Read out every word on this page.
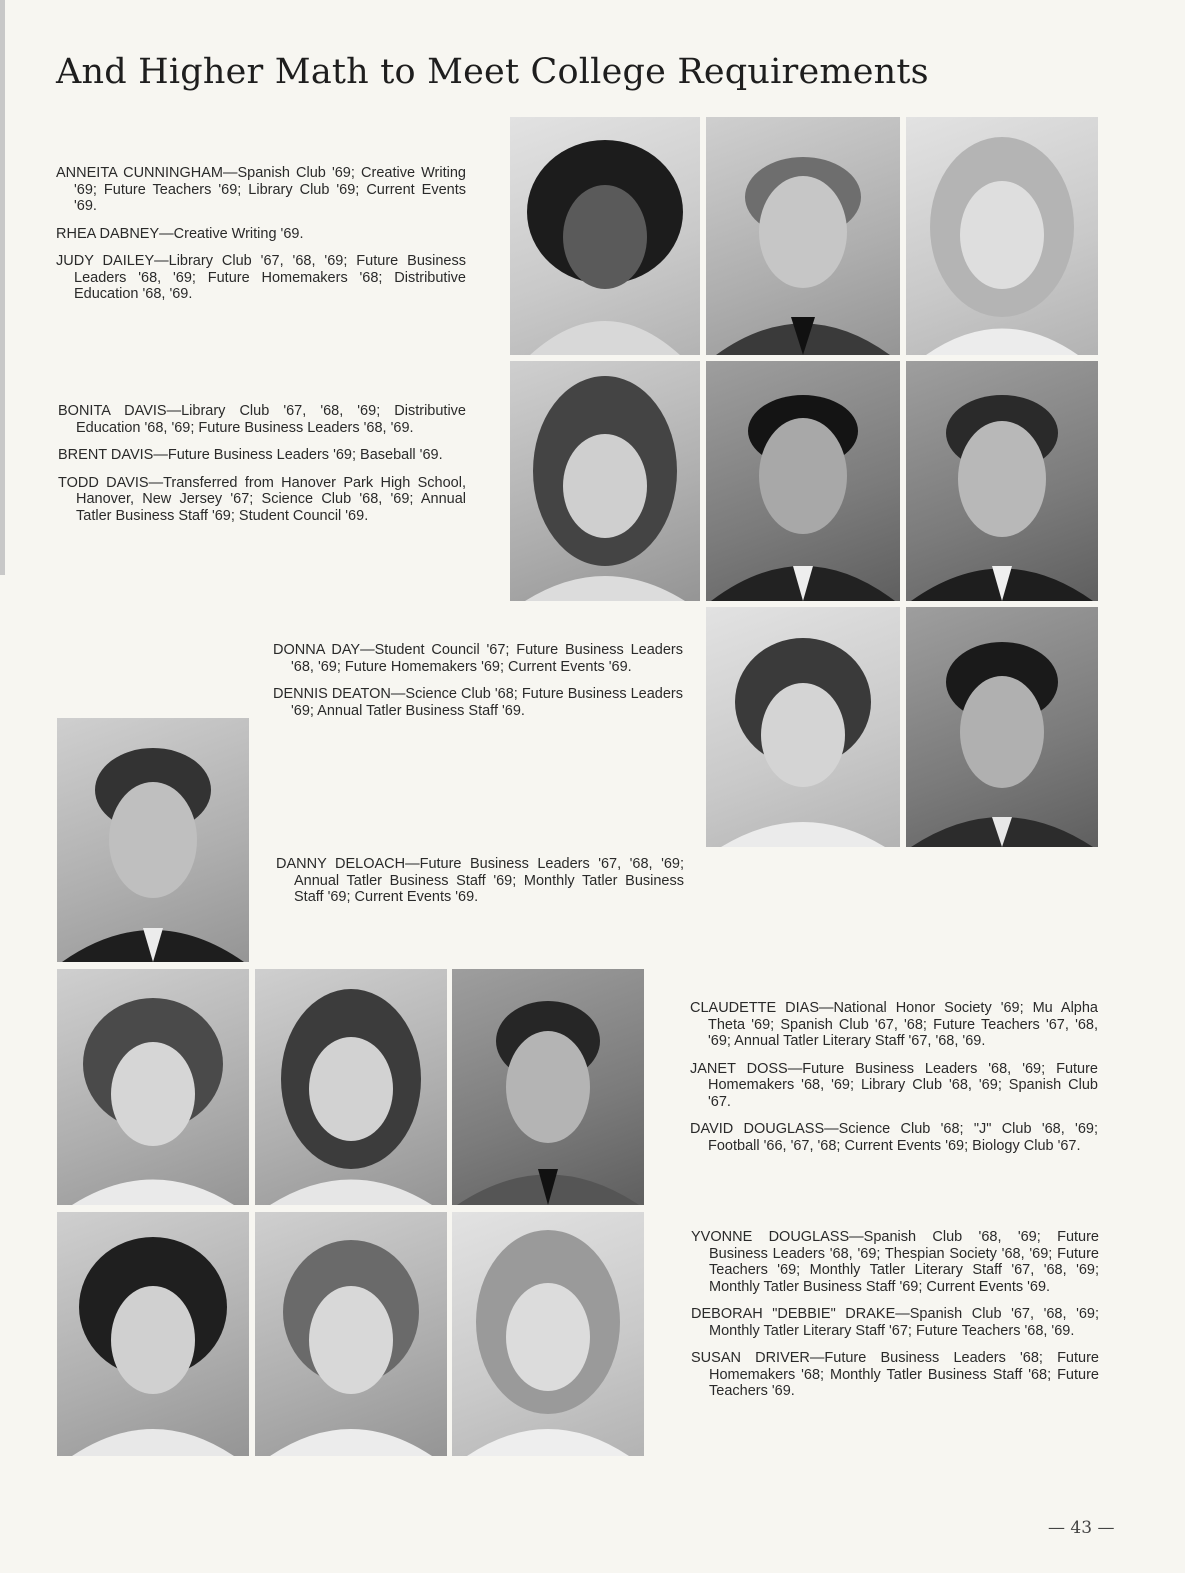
And Higher Math to Meet College Requirements

ANNEITA CUNNINGHAM—Spanish Club '69; Creative Writing '69; Future Teachers '69; Library Club '69; Current Events '69.

RHEA DABNEY—Creative Writing '69.

JUDY DAILEY—Library Club '67, '68, '69; Future Business Leaders '68, '69; Future Homemakers '68; Distributive Education '68, '69.

BONITA DAVIS—Library Club '67, '68, '69; Distributive Education '68, '69; Future Business Leaders '68, '69.

BRENT DAVIS—Future Business Leaders '69; Baseball '69.

TODD DAVIS—Transferred from Hanover Park High School, Hanover, New Jersey '67; Science Club '68, '69; Annual Tatler Business Staff '69; Student Council '69.

DONNA DAY—Student Council '67; Future Business Leaders '68, '69; Future Homemakers '69; Current Events '69.

DENNIS DEATON—Science Club '68; Future Business Leaders '69; Annual Tatler Business Staff '69.

DANNY DELOACH—Future Business Leaders '67, '68, '69; Annual Tatler Business Staff '69; Monthly Tatler Business Staff '69; Current Events '69.

CLAUDETTE DIAS—National Honor Society '69; Mu Alpha Theta '69; Spanish Club '67, '68; Future Teachers '67, '68, '69; Annual Tatler Literary Staff '67, '68, '69.

JANET DOSS—Future Business Leaders '68, '69; Future Homemakers '68, '69; Library Club '68, '69; Spanish Club '67.

DAVID DOUGLASS—Science Club '68; "J" Club '68, '69; Football '66, '67, '68; Current Events '69; Biology Club '67.

YVONNE DOUGLASS—Spanish Club '68, '69; Future Business Leaders '68, '69; Thespian Society '68, '69; Future Teachers '69; Monthly Tatler Literary Staff '67, '68, '69; Monthly Tatler Business Staff '69; Current Events '69.

DEBORAH "DEBBIE" DRAKE—Spanish Club '67, '68, '69; Monthly Tatler Literary Staff '67; Future Teachers '68, '69.

SUSAN DRIVER—Future Business Leaders '68; Future Homemakers '68; Monthly Tatler Business Staff '68; Future Teachers '69.

— 43 —
